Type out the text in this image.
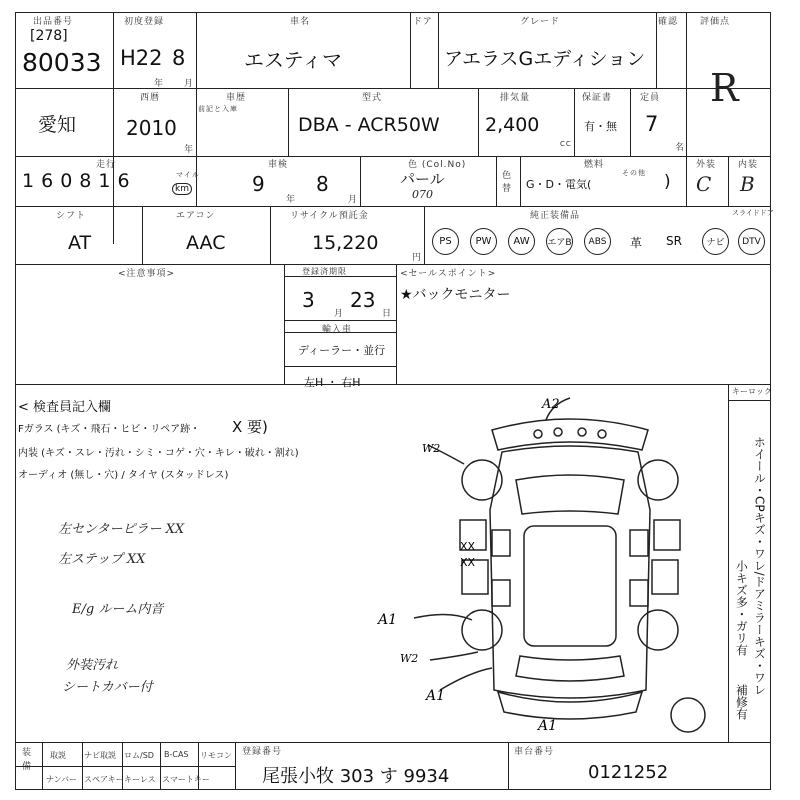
出品番号
[278]
80033
初度登録
H22 8
年 月
車名
エスティマ
ドア	グレード
アエラスGエディション
確認 評価点
R
愛知
西暦
2010
年
車歴
前記と入庫
型式
DBA - ACR50W
排気量
2,400
CC
保証書
有・無
定員
7
名
走行
1 6 0 8 1 6	マイル
km
車検
9
年
8
月
色 (Col.No)
パール
070
色替
燃料
G・D・電気(
その他 )
外装
C
内装
B
シフト
AT
エアコン
AAC
リサイクル預託金
15,220
円
純正装備品	スライドドア
PS	PW	AW	エアB	ABS	革 SR	ナビ	DTV
<注意事項>	登録済期限
3
月
23
日
輸入車
ディーラー・並行
左H ・ 右H
<セールスポイント>
★バックモニター
< 検査員記入欄
Fガラス (キズ・飛石・ヒビ・リペア跡・ X 要)
内装 (キズ・スレ・汚れ・シミ・コゲ・穴・キレ・破れ・割れ)
オーディオ (無し・穴) / タイヤ (スタッドレス)
左センターピラー XX
左ステップ XX
E/g ルーム内音
外装汚れ
シートカバー付
A2
W2
A1
W2
A1
A1
XX
XX
キーロック
ホイール・CPキズ・ワレ/ドアミラーキズ・ワレ
小キズ多・ガリ有
補修有
装備
取説 ナビ取説 ロム/SD B-CAS リモコン
ナンバー スペアキー キーレス スマートキー
登録番号
尾張小牧 303 す 9934
車台番号
0121252
